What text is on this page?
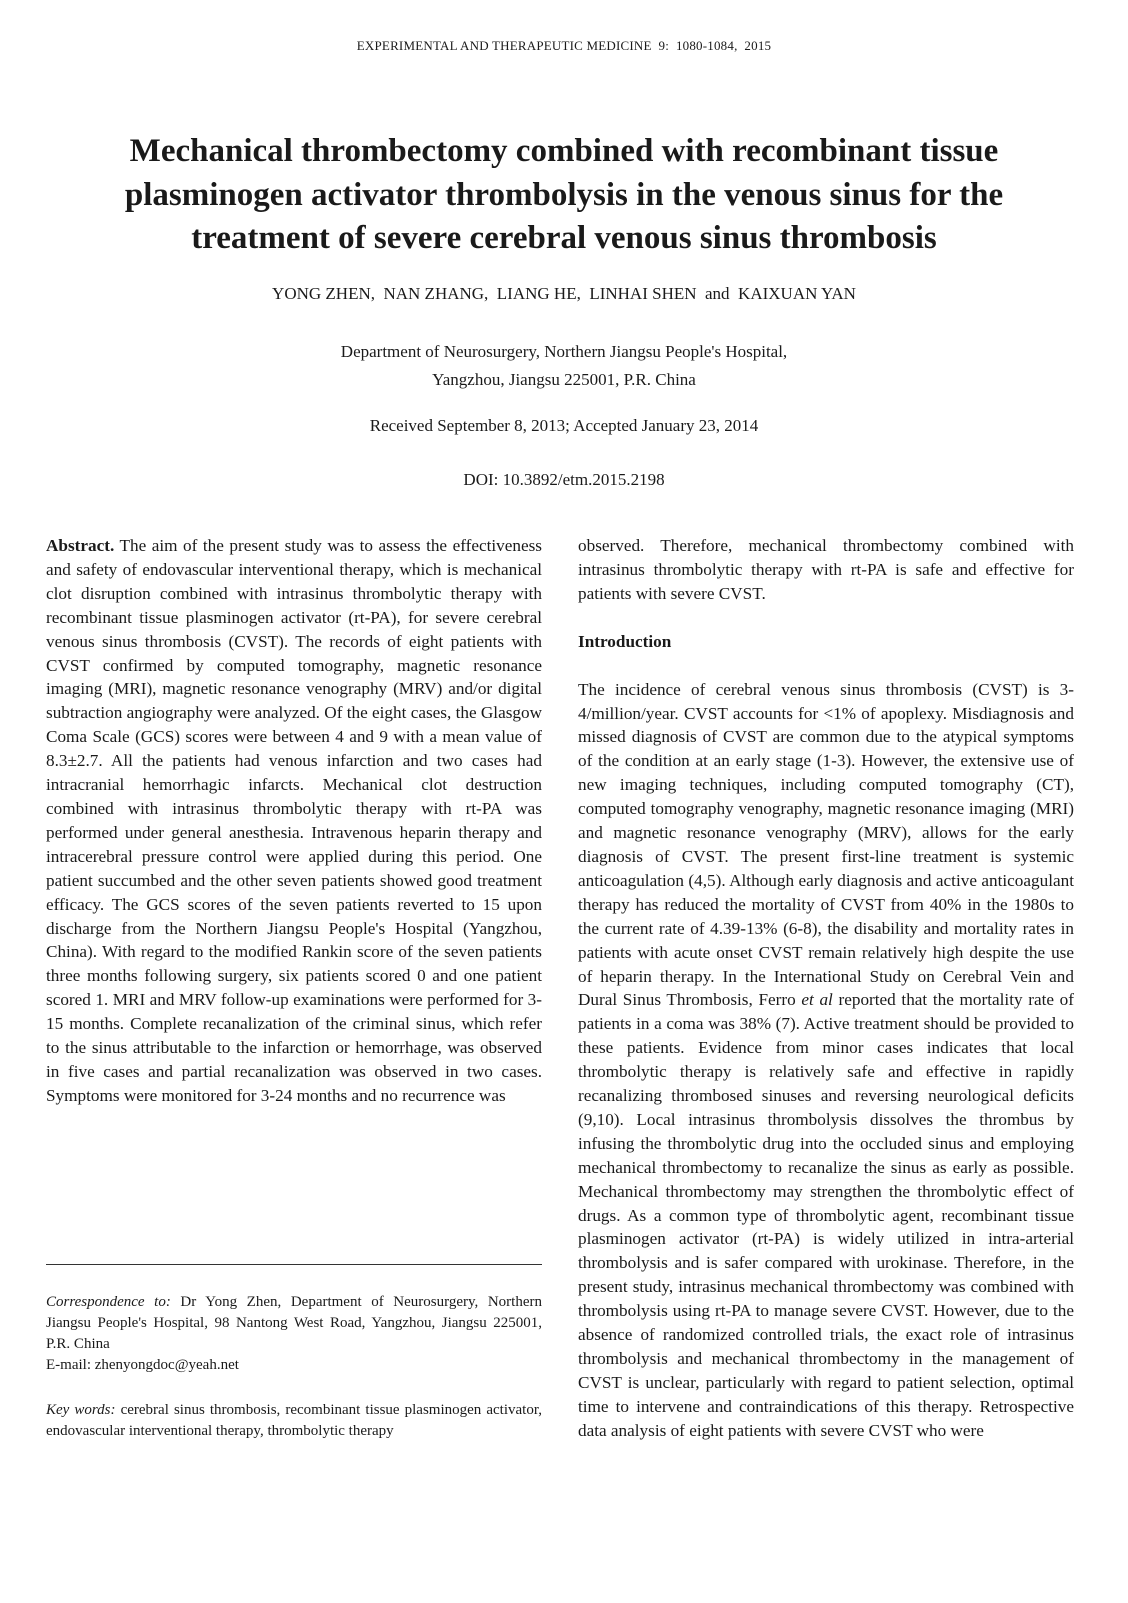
EXPERIMENTAL AND THERAPEUTIC MEDICINE  9:  1080-1084,  2015
Mechanical thrombectomy combined with recombinant tissue plasminogen activator thrombolysis in the venous sinus for the treatment of severe cerebral venous sinus thrombosis
YONG ZHEN,  NAN ZHANG,  LIANG HE,  LINHAI SHEN  and  KAIXUAN YAN
Department of Neurosurgery, Northern Jiangsu People's Hospital,
Yangzhou, Jiangsu 225001, P.R. China
Received September 8, 2013; Accepted January 23, 2014
DOI: 10.3892/etm.2015.2198

Abstract. The aim of the present study was to assess the effectiveness and safety of endovascular interventional therapy, which is mechanical clot disruption combined with intrasinus thrombolytic therapy with recombinant tissue plasminogen activator (rt-PA), for severe cerebral venous sinus thrombosis (CVST). The records of eight patients with CVST confirmed by computed tomography, magnetic resonance imaging (MRI), magnetic resonance venography (MRV) and/or digital subtraction angiography were analyzed. Of the eight cases, the Glasgow Coma Scale (GCS) scores were between 4 and 9 with a mean value of 8.3±2.7. All the patients had venous infarction and two cases had intracranial hemorrhagic infarcts. Mechanical clot destruction combined with intrasinus thrombolytic therapy with rt-PA was performed under general anesthesia. Intravenous heparin therapy and intracerebral pressure control were applied during this period. One patient succumbed and the other seven patients showed good treatment efficacy. The GCS scores of the seven patients reverted to 15 upon discharge from the Northern Jiangsu People's Hospital (Yangzhou, China). With regard to the modified Rankin score of the seven patients three months following surgery, six patients scored 0 and one patient scored 1. MRI and MRV follow-up examinations were performed for 3-15 months. Complete recanalization of the criminal sinus, which refer to the sinus attributable to the infarction or hemorrhage, was observed in five cases and partial recanalization was observed in two cases. Symptoms were monitored for 3-24 months and no recurrence was

Correspondence to: Dr Yong Zhen, Department of Neurosurgery, Northern Jiangsu People's Hospital, 98 Nantong West Road, Yangzhou, Jiangsu 225001, P.R. China

E-mail: zhenyongdoc@yeah.net

Key words: cerebral sinus thrombosis, recombinant tissue plasminogen activator, endovascular interventional therapy, thrombolytic therapy

observed. Therefore, mechanical thrombectomy combined with intrasinus thrombolytic therapy with rt-PA is safe and effective for patients with severe CVST.

Introduction

The incidence of cerebral venous sinus thrombosis (CVST) is 3-4/million/year. CVST accounts for <1% of apoplexy. Misdiagnosis and missed diagnosis of CVST are common due to the atypical symptoms of the condition at an early stage (1-3). However, the extensive use of new imaging techniques, including computed tomography (CT), computed tomography venography, magnetic resonance imaging (MRI) and magnetic resonance venography (MRV), allows for the early diagnosis of CVST. The present first-line treatment is systemic anticoagulation (4,5). Although early diagnosis and active anticoagulant therapy has reduced the mortality of CVST from 40% in the 1980s to the current rate of 4.39-13% (6-8), the disability and mortality rates in patients with acute onset CVST remain relatively high despite the use of heparin therapy. In the International Study on Cerebral Vein and Dural Sinus Thrombosis, Ferro et al reported that the mortality rate of patients in a coma was 38% (7). Active treatment should be provided to these patients. Evidence from minor cases indicates that local thrombolytic therapy is relatively safe and effective in rapidly recanalizing thrombosed sinuses and reversing neurological deficits (9,10). Local intrasinus thrombolysis dissolves the thrombus by infusing the thrombolytic drug into the occluded sinus and employing mechanical thrombectomy to recanalize the sinus as early as possible. Mechanical thrombectomy may strengthen the thrombolytic effect of drugs. As a common type of thrombolytic agent, recombinant tissue plasminogen activator (rt-PA) is widely utilized in intra-arterial thrombolysis and is safer compared with urokinase. Therefore, in the present study, intrasinus mechanical thrombectomy was combined with thrombolysis using rt-PA to manage severe CVST. However, due to the absence of randomized controlled trials, the exact role of intrasinus thrombolysis and mechanical thrombectomy in the management of CVST is unclear, particularly with regard to patient selection, optimal time to intervene and contraindications of this therapy. Retrospective data analysis of eight patients with severe CVST who were
